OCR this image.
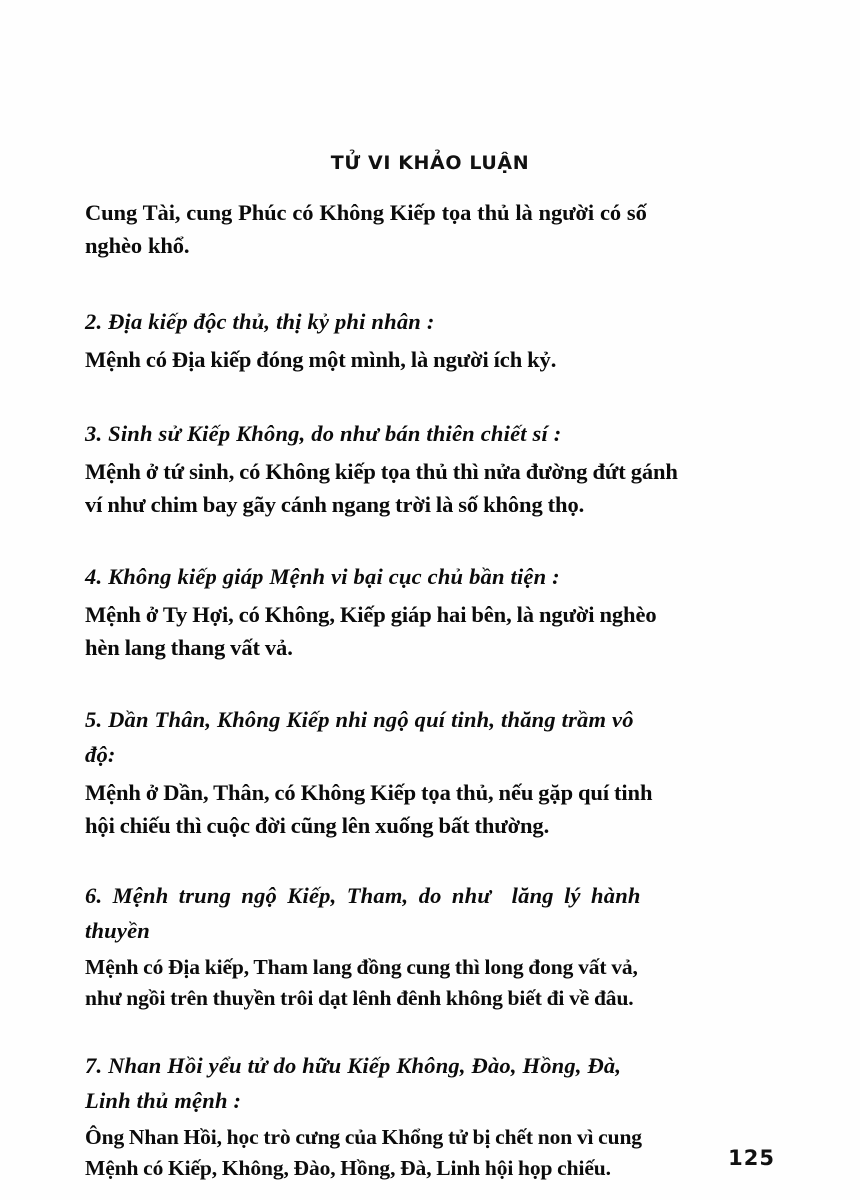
TỬ VI KHẢO LUẬN
Cung Tài, cung Phúc có Không Kiếp tọa thủ là người có số
nghèo khổ.
2. Địa kiếp độc thủ, thị kỷ phi nhân :
Mệnh có Địa kiếp đóng một mình, là người ích kỷ.
3. Sinh sử Kiếp Không, do như bán thiên chiết sí :
Mệnh ở tứ sinh, có Không kiếp tọa thủ thì nửa đường đứt gánh
ví như chim bay gãy cánh ngang trời là số không thọ.
4. Không kiếp giáp Mệnh vi bại cục chủ bần tiện :
Mệnh ở Ty Hợi, có Không, Kiếp giáp hai bên, là người nghèo
hèn lang thang vất vả.
5. Dần Thân, Không Kiếp nhi ngộ quí tinh, thăng trầm vô
độ:
Mệnh ở Dần, Thân, có Không Kiếp tọa thủ, nếu gặp quí tinh
hội chiếu thì cuộc đời cũng lên xuống bất thường.
6. Mệnh trung ngộ Kiếp, Tham, do như  lăng lý hành
thuyền
Mệnh có Địa kiếp, Tham lang đồng cung thì long đong vất vả,
như ngồi trên thuyền trôi dạt lênh đênh không biết đi về đâu.
7. Nhan Hồi yểu tử do hữu Kiếp Không, Đào, Hồng, Đà,
Linh thủ mệnh :
Ông Nhan Hồi, học trò cưng của Khổng tử bị chết non vì cung
Mệnh có Kiếp, Không, Đào, Hồng, Đà, Linh hội họp chiếu.	125
